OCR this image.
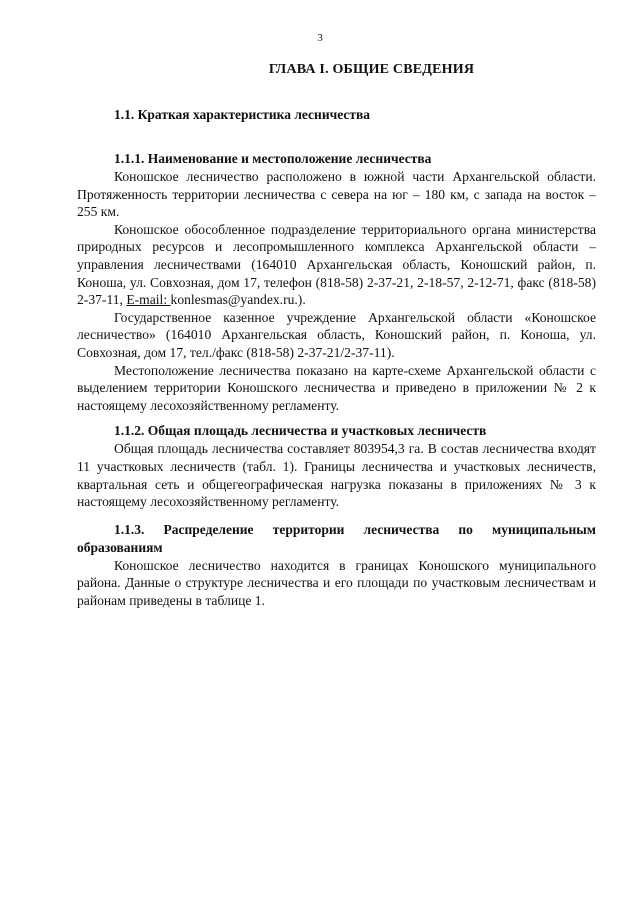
3
ГЛАВА I. ОБЩИЕ СВЕДЕНИЯ
1.1. Краткая характеристика лесничества
1.1.1. Наименование и местоположение лесничества

Коношское лесничество расположено в южной части Архангельской области. Протяженность территории лесничества с севера на юг – 180 км, с запада на восток – 255 км.

Коношское обособленное подразделение территориального органа министерства природных ресурсов и лесопромышленного комплекса Архангельской области – управления лесничествами (164010 Архангельская область, Коношский район, п. Коноша, ул. Совхозная, дом 17, телефон (818-58) 2-37-21, 2-18-57, 2-12-71, факс (818-58) 2-37-11, E-mail: konlesmas@yandex.ru.).

Государственное казенное учреждение Архангельской области «Коношское лесничество» (164010 Архангельская область, Коношский район, п. Коноша, ул. Совхозная, дом 17, тел./факс (818-58) 2-37-21/2-37-11).

Местоположение лесничества показано на карте-схеме Архангельской области с выделением территории Коношского лесничества и приведено в приложении № 2 к настоящему лесохозяйственному регламенту.

1.1.2. Общая площадь лесничества и участковых лесничеств

Общая площадь лесничества составляет 803954,3 га. В состав лесничества входят 11 участковых лесничеств (табл. 1). Границы лесничества и участковых лесничеств, квартальная сеть и общегеографическая нагрузка показаны в приложениях № 3 к настоящему лесохозяйственному регламенту.

1.1.3. Распределение территории лесничества по муниципальным образованиям

Коношское лесничество находится в границах Коношского муниципального района. Данные о структуре лесничества и его площади по участковым лесничествам и районам приведены в таблице 1.
